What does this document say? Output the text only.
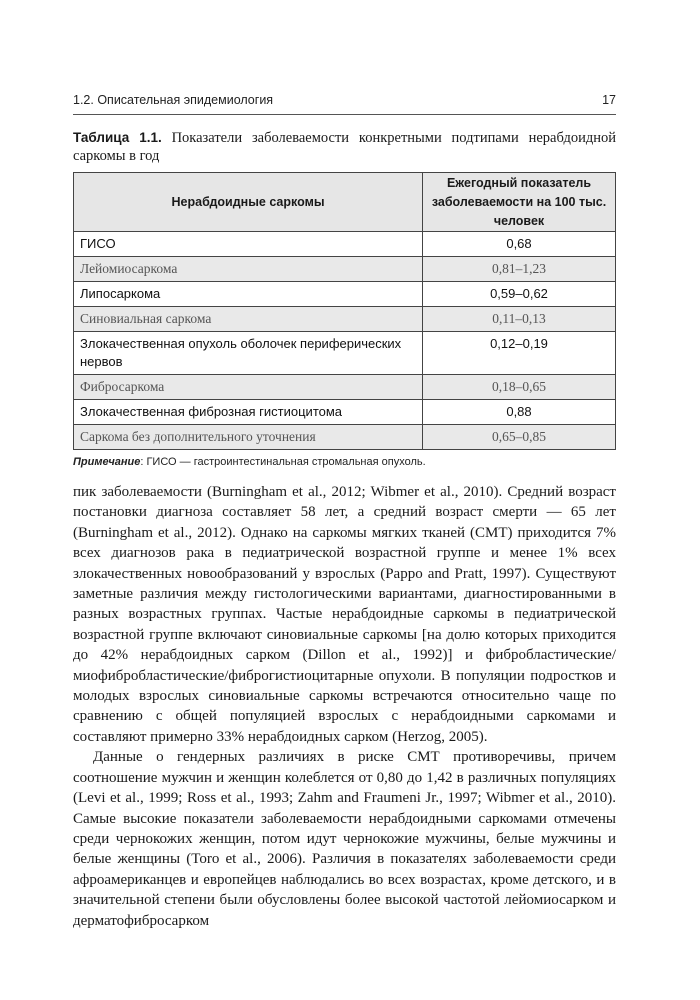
1.2. Описательная эпидемиология	17
Таблица 1.1. Показатели заболеваемости конкретными подтипами нерабдоидной саркомы в год
Нерабдоидные саркомы	Ежегодный показатель заболеваемости на 100 тыс. человек
ГИСО	0,68
Лейомиосаркома	0,81–1,23
Липосаркома	0,59–0,62
Синовиальная саркома	0,11–0,13
Злокачественная опухоль оболочек периферических нервов	0,12–0,19
Фибросаркома	0,18–0,65
Злокачественная фиброзная гистиоцитома	0,88
Саркома без дополнительного уточнения	0,65–0,85
Примечание: ГИСО — гастроинтестинальная стромальная опухоль.

пик заболеваемости (Burningham et al., 2012; Wibmer et al., 2010). Средний возраст постановки диагноза составляет 58 лет, а средний возраст смерти — 65 лет (Burningham et al., 2012). Однако на саркомы мягких тканей (СМТ) приходится 7% всех диагнозов рака в педиатрической возрастной группе и менее 1% всех злокачественных новообразований у взрослых (Pappo and Pratt, 1997). Существуют заметные различия между гистологическими вариантами, диагностированными в разных возрастных группах. Частые нерабдоидные саркомы в педиатрической возрастной группе включают синовиальные саркомы [на долю которых приходится до 42% нерабдоидных сарком (Dillon et al., 1992)] и фибробластические/миофибробластические/фиброгистиоцитарные опухоли. В популяции подростков и молодых взрослых синовиальные саркомы встречаются относительно чаще по сравнению с общей популяцией взрослых с нерабдоидными саркомами и составляют примерно 33% нерабдоидных сарком (Herzog, 2005).

Данные о гендерных различиях в риске СМТ противоречивы, причем соотношение мужчин и женщин колеблется от 0,80 до 1,42 в различных популяциях (Levi et al., 1999; Ross et al., 1993; Zahm and Fraumeni Jr., 1997; Wibmer et al., 2010). Самые высокие показатели заболеваемости нерабдоидными саркомами отмечены среди чернокожих женщин, потом идут чернокожие мужчины, белые мужчины и белые женщины (Toro et al., 2006). Различия в показателях заболеваемости среди афроамериканцев и европейцев наблюдались во всех возрастах, кроме детского, и в значительной степени были обусловлены более высокой частотой лейомиосарком и дерматофибросарком
